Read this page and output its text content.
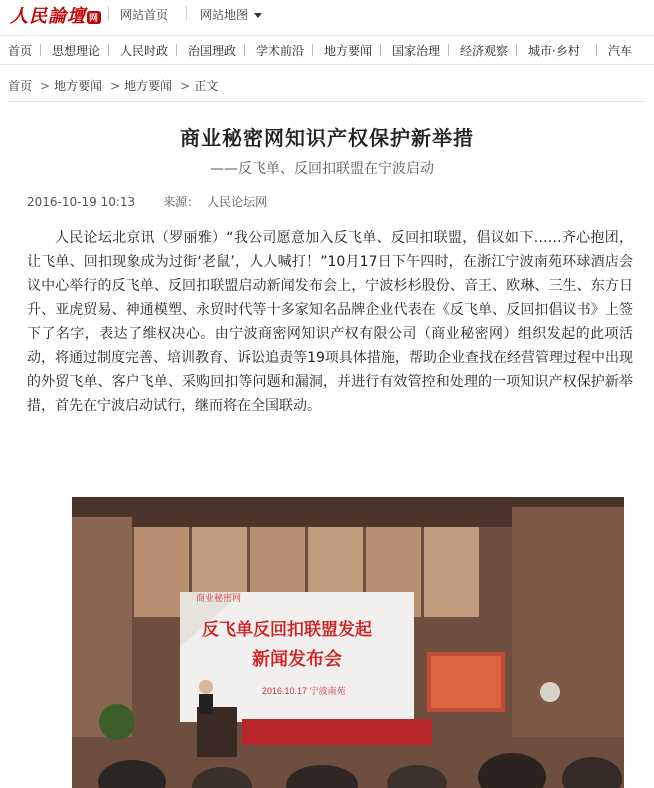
人民論壇 网 网站首页	网站地图
首页 思想理论 人民时政 治国理政 学术前沿 地方要闻 国家治理 经济观察 城市·乡村 汽车
首页 > 地方要闻 > 地方要闻 > 正文
商业秘密网知识产权保护新举措
——反飞单、反回扣联盟在宁波启动
2016-10-19 10:13 来源： 人民论坛网
人民论坛北京讯（罗丽雅）“我公司愿意加入反飞单、反回扣联盟，倡议如下……齐心抱团，让飞单、回扣现象成为过街‘老鼠’，人人喊打！”10月17日下午四时，在浙江宁波南苑环球酒店会议中心举行的反飞单、反回扣联盟启动新闻发布会上，宁波杉杉股份、音王、欧琳、三生、东方日升、亚虎贸易、神通模塑、永贸时代等十多家知名品牌企业代表在《反飞单、反回扣倡议书》上签下了名字，表达了维权决心。由宁波商密网知识产权有限公司（商业秘密网）组织发起的此项活动，将通过制度完善、培训教育、诉讼追责等19项具体措施，帮助企业查找在经营管理过程中出现的外贸飞单、客户飞单、采购回扣等问题和漏洞，并进行有效管控和处理的一项知识产权保护新举措，首先在宁波启动试行，继而将在全国联动。
商业秘密网
反飞单反回扣联盟发起
新闻发布会
2016.10.17 宁波南苑
